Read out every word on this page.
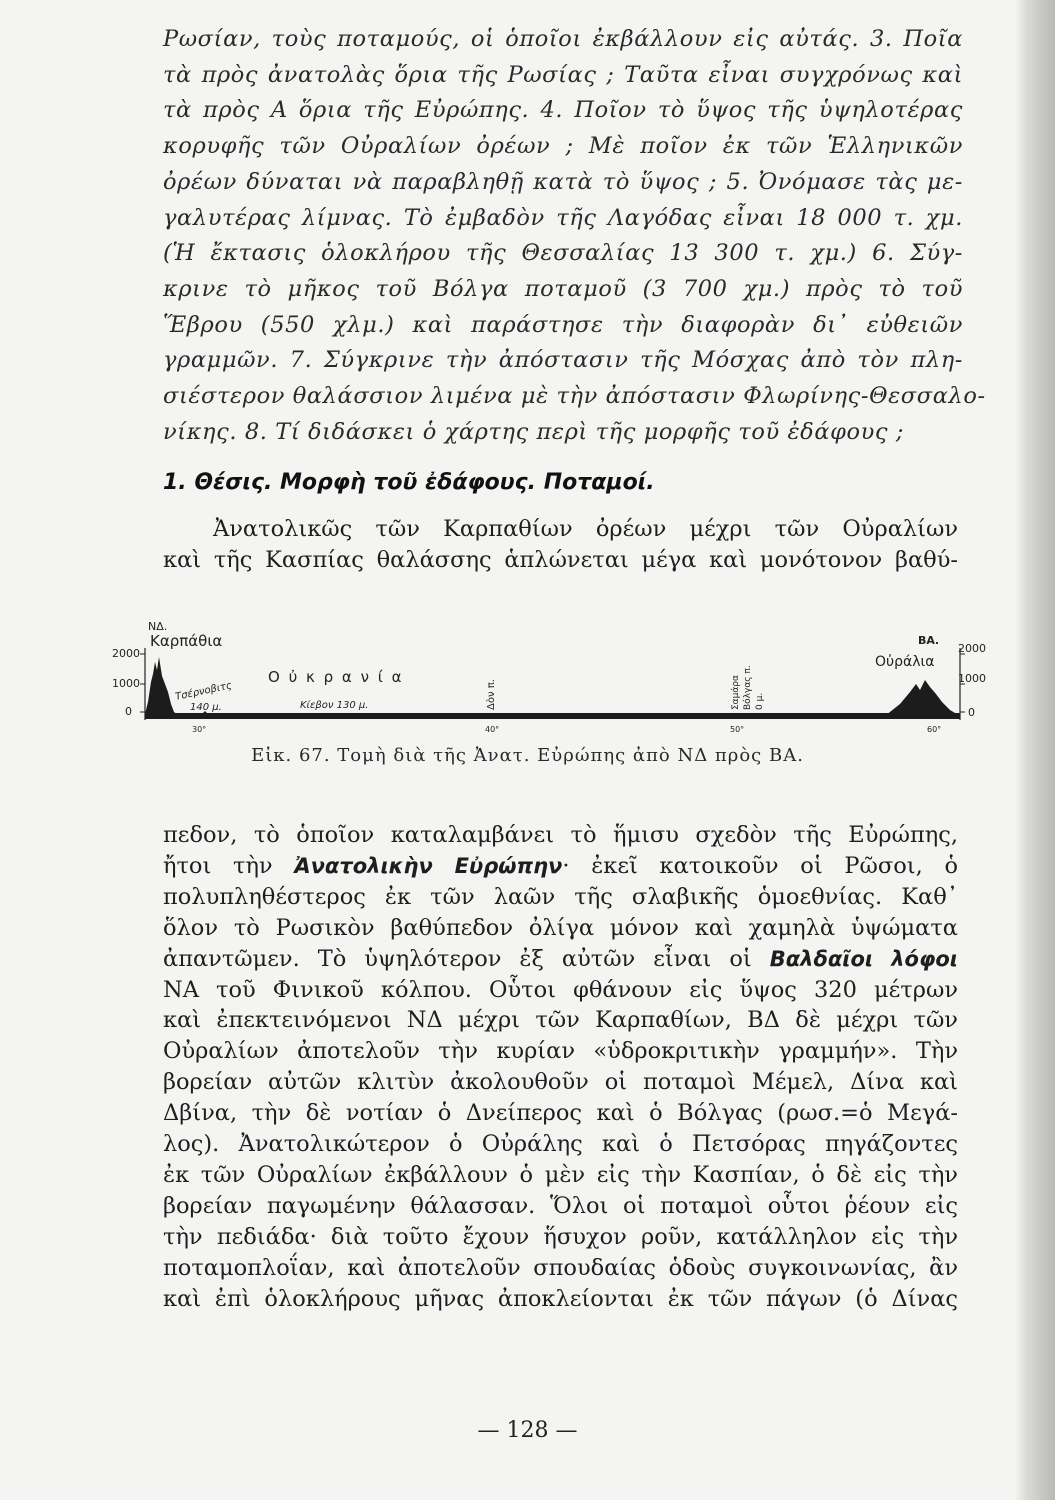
Ρωσίαν, τοὺς ποταμούς, οἱ ὁποῖοι ἐκβάλλουν εἰς αὐτάς. 3. Ποῖα
τὰ πρὸς ἀνατολὰς ὅρια τῆς Ρωσίας ; Ταῦτα εἶναι συγχρόνως καὶ
τὰ πρὸς Α ὅρια τῆς Εὐρώπης. 4. Ποῖον τὸ ὕψος τῆς ὑψηλοτέρας
κορυφῆς τῶν Οὐραλίων ὀρέων ; Μὲ ποῖον ἐκ τῶν Ἑλληνικῶν
ὀρέων δύναται νὰ παραβληθῇ κατὰ τὸ ὕψος ; 5. Ὀνόμασε τὰς με-
γαλυτέρας λίμνας. Τὸ ἐμβαδὸν τῆς Λαγόδας εἶναι 18 000 τ. χμ.
(Ἡ ἔκτασις ὁλοκλήρου τῆς Θεσσαλίας 13 300 τ. χμ.) 6. Σύγ-
κρινε τὸ μῆκος τοῦ Βόλγα ποταμοῦ (3 700 χμ.) πρὸς τὸ τοῦ
Ἕβρου (550 χλμ.) καὶ παράστησε τὴν διαφορὰν δι᾽ εὐθειῶν
γραμμῶν. 7. Σύγκρινε τὴν ἀπόστασιν τῆς Μόσχας ἀπὸ τὸν πλη-
σιέστερον θαλάσσιον λιμένα μὲ τὴν ἀπόστασιν Φλωρίνης-Θεσσαλο-
νίκης. 8. Τί διδάσκει ὁ χάρτης περὶ τῆς μορφῆς τοῦ ἐδάφους ;
1. Θέσις. Μορφὴ τοῦ ἐδάφους. Ποταμοί.
Ἀνατολικῶς τῶν Καρπαθίων ὀρέων μέχρι τῶν Οὐραλίων
καὶ τῆς Κασπίας θαλάσσης ἁπλώνεται μέγα καὶ μονότονον βαθύ-
2000
1000
0
2000
1000
0
ΝΔ.
Καρπάθια
Ο ὐ κ ρ α ν ί α
Τσέρνοβιτς
140 μ.	Κίεβον 130 μ.	Δὸν π.	Σαμάρα Βόλγας π. 0 μ.
ΒΑ.
Οὐράλια
30°	40°	50°	60°
Εἰκ. 67. Τομὴ διὰ τῆς Ἀνατ. Εὐρώπης ἀπὸ ΝΔ πρὸς ΒΑ.
πεδον, τὸ ὁποῖον καταλαμβάνει τὸ ἥμισυ σχεδὸν τῆς Εὐρώπης,
ἤτοι τὴν Ἀνατολικὴν Εὐρώπην· ἐκεῖ κατοικοῦν οἱ Ρῶσοι, ὁ
πολυπληθέστερος ἐκ τῶν λαῶν τῆς σλαβικῆς ὁμοεθνίας. Καθ᾽
ὅλον τὸ Ρωσικὸν βαθύπεδον ὀλίγα μόνον καὶ χαμηλὰ ὑψώματα
ἀπαντῶμεν. Τὸ ὑψηλότερον ἐξ αὐτῶν εἶναι οἱ Βαλδαῖοι λόφοι
ΝΑ τοῦ Φινικοῦ κόλπου. Οὗτοι φθάνουν εἰς ὕψος 320 μέτρων
καὶ ἐπεκτεινόμενοι ΝΔ μέχρι τῶν Καρπαθίων, ΒΔ δὲ μέχρι τῶν
Οὐραλίων ἀποτελοῦν τὴν κυρίαν «ὑδροκριτικὴν γραμμήν». Τὴν
βορείαν αὐτῶν κλιτὺν ἀκολουθοῦν οἱ ποταμοὶ Μέμελ, Δίνα καὶ
Δβίνα, τὴν δὲ νοτίαν ὁ Δνείπερος καὶ ὁ Βόλγας (ρωσ.=ὁ Μεγά-
λος). Ἀνατολικώτερον ὁ Οὐράλης καὶ ὁ Πετσόρας πηγάζοντες
ἐκ τῶν Οὐραλίων ἐκβάλλουν ὁ μὲν εἰς τὴν Κασπίαν, ὁ δὲ εἰς τὴν
βορείαν παγωμένην θάλασσαν. Ὅλοι οἱ ποταμοὶ οὗτοι ῥέουν εἰς
τὴν πεδιάδα· διὰ τοῦτο ἔχουν ἥσυχον ροῦν, κατάλληλον εἰς τὴν
ποταμοπλοΐαν, καὶ ἀποτελοῦν σπουδαίας ὁδοὺς συγκοινωνίας, ἂν
καὶ ἐπὶ ὁλοκλήρους μῆνας ἀποκλείονται ἐκ τῶν πάγων (ὁ Δίνας
— 128 —
